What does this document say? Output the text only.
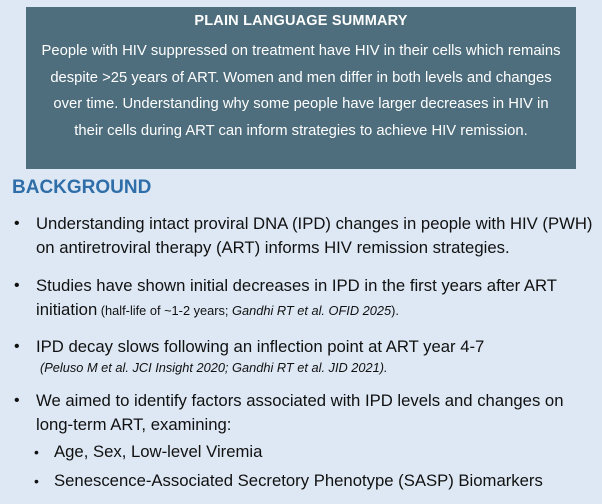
PLAIN LANGUAGE SUMMARY

People with HIV suppressed on treatment have HIV in their cells which remains despite >25 years of ART. Women and men differ in both levels and changes over time. Understanding why some people have larger decreases in HIV in their cells during ART can inform strategies to achieve HIV remission.

BACKGROUND
• Understanding intact proviral DNA (IPD) changes in people with HIV (PWH) on antiretroviral therapy (ART) informs HIV remission strategies.
• Studies have shown initial decreases in IPD in the first years after ART initiation (half-life of ~1-2 years; Gandhi RT et al. OFID 2025).
• IPD decay slows following an inflection point at ART year 4-7
(Peluso M et al. JCI Insight 2020; Gandhi RT et al. JID 2021).
• We aimed to identify factors associated with IPD levels and changes on long-term ART, examining:
• Age, Sex, Low-level Viremia
• Senescence-Associated Secretory Phenotype (SASP) Biomarkers
